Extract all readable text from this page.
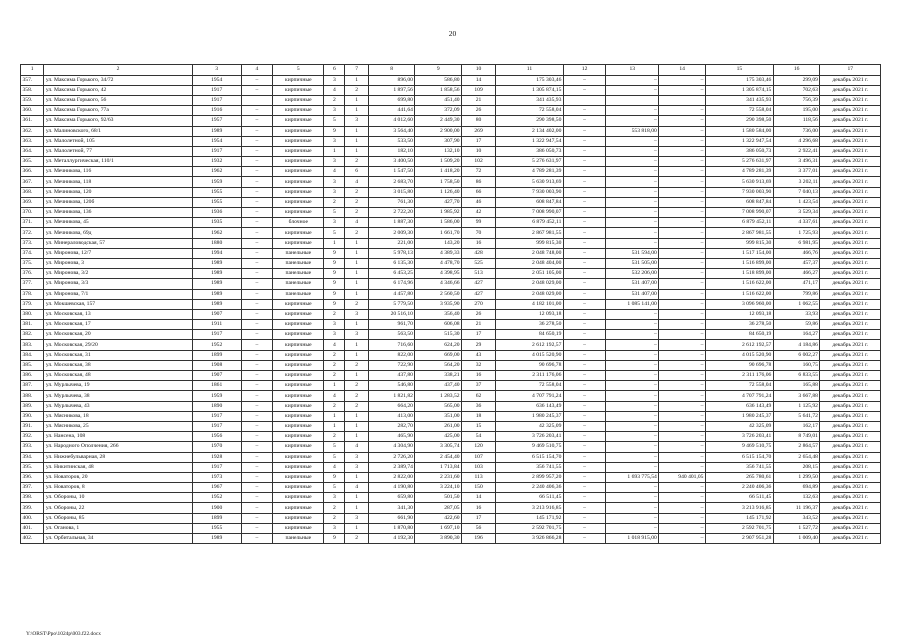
20
1	2	3	4	5	6	7	8	9	10	11	12	13	14	15	16	17
357.	ул. Максима Горького, 34/72	1954	–	кирпичные	3	1	896,00	586,80	14	175 303,46	–	–	–	175 303,46	299,09	декабрь 2021 г.
358.	ул. Максима Горького, 42	1917	–	кирпичные	4	2	1 897,56	1 858,56	109	1 305 874,15	–	–	–	1 305 874,15	702,63	декабрь 2021 г.
359.	ул. Максима Горького, 56	1917		кирпичные	2	1	699,80	451,40	21	341 435,93				341 435,93	756,39	декабрь 2021 г.
360.	ул. Максима Горького, 77а	1916	–	кирпичные	3	1	441,64	372,09	26	72 558,04	–	–	–	72 558,04	195,00	декабрь 2021 г.
361.	ул. Максима Горького, 92/63	1957	–	кирпичные	5	3	4 012,60	2 449,30	80	290 398,50	–	–	–	290 398,50	118,56	декабрь 2021 г.
362.	ул. Малиновского, 68/1	1989	–	кирпичные	9	1	3 564,40	2 900,00	269	2 134 402,00	–	553 818,00	–	1 580 584,00	736,00	декабрь 2021 г.
363.	ул. Малолетной, 105	1954	–	кирпичные	3	1	533,50	307,90	17	1 322 947,54	–	–	–	1 322 947,54	4 296,68	декабрь 2021 г.
364.	ул. Малолетной, 77	1917	–	кирпичные	1	1	182,10	132,10	10	386 050,73	–	–	–	386 050,73	2 922,41	декабрь 2021 г.
365.	ул. Металлургическая, 110/1	1932	–	кирпичные	3	2	3 400,50	1 509,20	102	5 276 631,97	–	–	–	5 276 631,97	3 496,31	декабрь 2021 г.
366.	ул. Мечникова, 116	1962	–	кирпичные	4	6	1 547,50	1 418,20	72	4 789 281,39	–	–	–	4 789 281,39	3 377,01	декабрь 2021 г.
367.	ул. Мечникова, 118	1959	–	кирпичные	3	4	2 683,70	1 758,50	86	5 630 913,69	–	–	–	5 630 913,69	3 202,11	декабрь 2021 г.
368.	ул. Мечникова, 120	1955	–	кирпичные	3	2	3 015,80	1 126,40	66	7 930 003,90	–	–	–	7 930 003,90	7 040,13	декабрь 2021 г.
369.	ул. Мечникова, 120б	1955	–	кирпичные	2	2	761,30	427,70	46	608 847,84	–	–	–	608 847,84	1 423,54	декабрь 2021 г.
370.	ул. Мечникова, 136	1936	–	кирпичные	5	2	2 722,20	1 985,92	42	7 008 990,07	–	–	–	7 008 990,07	3 529,34	декабрь 2021 г.
371.	ул. Мечникова, 45	1935	–	блочное	3	4	1 887,30	1 586,00	99	6 879 452,11	–	–	–	6 879 452,11	4 337,61	декабрь 2021 г.
372.	ул. Мечникова, 69д	1962	–	кирпичные	5	2	2 009,30	1 661,70	70	2 867 981,55	–	–	–	2 867 981,55	1 725,93	декабрь 2021 г.
373.	ул. Минераловодская, 57	1880	–	кирпичные	1	1	221,00	143,20	16	999 815,30	–	–	–	999 815,30	6 981,95	декабрь 2021 г.
374.	ул. Миронова, 12/7	1994	–	панельные	9	1	5 978,13	4 389,33	428	2 048 748,00	–	531 594,00	–	1 517 154,00	466,76	декабрь 2021 г.
375.	ул. Миронова, 3	1989	–	панельные	9	1	6 135,30	4 478,70	525	2 048 404,00	–	531 505,00	–	1 516 899,00	457,37	декабрь 2021 г.
376.	ул. Миронова, 3/2	1989	–	панельные	9	1	6 453,25	4 398,95	513	2 051 105,00	–	532 206,00	–	1 518 899,00	466,27	декабрь 2021 г.
377.	ул. Миронова, 3/3	1989	–	панельные	9	1	6 174,96	4 346,66	427	2 048 029,00	–	531 407,00	–	1 516 622,00	471,17	декабрь 2021 г.
378.	ул. Миронова, 7/1	1989	–	панельные	9	1	4 457,80	2 560,50	427	2 048 029,00	–	531 407,00	–	1 516 622,00	799,86	декабрь 2021 г.
379.	ул. Мокшевская, 157	1989	–	кирпичные	9	2	5 779,50	3 935,90	270	4 182 101,00	–	1 085 141,00	–	3 096 960,00	1 062,55	декабрь 2021 г.
380.	ул. Московская, 13	1907	–	кирпичные	2	3	20 516,10	356,40	26	12 093,18	–	–	–	12 093,18	33,93	декабрь 2021 г.
381.	ул. Московская, 17	1911	–	кирпичные	3	1	961,70	606,08	21	36 278,50	–	–	–	36 278,50	59,86	декабрь 2021 г.
382.	ул. Московская, 20	1917	–	кирпичные	3	3	563,50	515,30	17	84 650,19	–	–	–	84 650,19	164,27	декабрь 2021 г.
383.	ул. Московская, 29/20	1952	–	кирпичные	4	1	716,60	624,20	29	2 612 192,57	–	–	–	2 612 192,57	4 184,86	декабрь 2021 г.
384.	ул. Московская, 31	1899	–	кирпичные	2	1	822,00	669,00	43	4 015 520,90	–	–	–	4 015 520,90	6 002,27	декабрь 2021 г.
385.	ул. Московская, 38	1908	–	кирпичные	2	2	722,90	564,20	32	90 696,78	–	–	–	90 696,78	160,75	декабрь 2021 г.
386.	ул. Московская, 48	1907	–	кирпичные	2	1	437,80	338,21	16	2 311 176,06	–	–	–	2 311 176,06	6 833,55	декабрь 2021 г.
387.	ул. Мурлычева, 19	1861	–	кирпичные	1	2	546,80	437,40	37	72 558,04	–	–	–	72 558,04	165,88	декабрь 2021 г.
388.	ул. Мурлычева, 38	1959	–	кирпичные	4	2	1 821,82	1 283,52	62	4 707 791,24	–	–	–	4 707 791,24	3 667,88	декабрь 2021 г.
389.	ул. Мурлычева, 43	1890	–	кирпичные	2	2	664,20	565,00	36	636 143,49	–	–	–	636 143,49	1 125,92	декабрь 2021 г.
390.	ул. Мясникова, 18	1917	–	кирпичные	1	1	413,00	351,00	18	1 980 245,37	–	–	–	1 980 245,37	5 641,72	декабрь 2021 г.
391.	ул. Мясникова, 25	1917	–	кирпичные	1	1	282,70	261,00	15	42 325,09	–	–	–	42 325,09	162,17	декабрь 2021 г.
392.	ул. Нансена, 108	1956	–	кирпичные	2	1	465,90	425,00	54	3 726 203,41	–	–	–	3 726 203,41	8 749,01	декабрь 2021 г.
393.	ул. Народного Ополчения, 266	1970	–	кирпичные	5	4	4 304,90	3 305,74	120	9 469 510,75	–	–	–	9 469 510,75	2 864,57	декабрь 2021 г.
394.	ул. Нижнебульварная, 28	1928	–	кирпичные	5	3	2 726,20	2 454,40	107	6 515 154,70	–	–	–	6 515 154,70	2 654,48	декабрь 2021 г.
395.	ул. Никитинская, 48	1917	–	кирпичные	4	3	2 389,74	1 713,84	103	356 741,55	–	–	–	356 741,55	208,15	декабрь 2021 г.
396.	ул. Новаторов, 20	1973	–	кирпичные	9	1	2 822,00	2 231,60	113	2 899 957,20	–	1 693 775,54	940 401,05	265 780,61	1 299,50	декабрь 2021 г.
397.	ул. Новаторов, 8	1967	–	кирпичные	5	4	4 190,80	3 224,10	150	2 240 406,36	–	–	–	2 240 406,36	694,89	декабрь 2021 г.
398.	ул. Обороны, 10	1952	–	кирпичные	3	1	659,80	501,50	14	66 511,45	–	–	–	66 511,45	132,63	декабрь 2021 г.
399.	ул. Обороны, 22	1900	–	кирпичные	2	1	341,30	287,05	16	3 213 916,85	–	–	–	3 213 916,85	11 196,37	декабрь 2021 г.
400.	ул. Обороны, 85	1899	–	кирпичные	2	3	661,90	422,60	17	145 171,92	–	–	–	145 171,92	343,52	декабрь 2021 г.
401.	ул. Оганова, 1	1955	–	кирпичные	3	1	1 870,80	1 697,10	56	2 592 701,75	–	–	–	2 592 701,75	1 527,72	декабрь 2021 г.
402.	ул. Орбитальная, 34	1989	–	панельные	9	2	4 192,30	3 890,30	196	3 926 866,28	–	1 018 915,00	–	2 907 951,28	1 009,40	декабрь 2021 г.
Y:\ORST\Ppo\1024p\003.f22.docx
